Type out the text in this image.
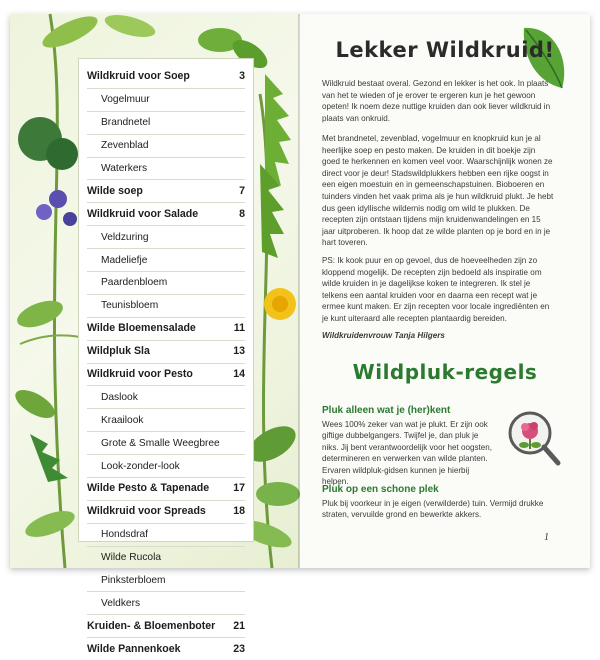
Wildkruid voor Soep	3
Vogelmuur
Brandnetel
Zevenblad
Waterkers
Wilde soep	7
Wildkruid voor Salade	8
Veldzuring
Madeliefje
Paardenbloem
Teunisbloem
Wilde Bloemensalade	11
Wildpluk Sla	13
Wildkruid voor Pesto	14
Daslook
Kraailook
Grote & Smalle Weegbree
Look-zonder-look
Wilde Pesto & Tapenade 17
Wildkruid voor Spreads	18
Hondsdraf
Wilde Rucola
Pinksterbloem
Veldkers
Kruiden- & Bloemenboter 21
Wilde Pannenkoek	23
Lekker Wildkruid!

Wildkruid bestaat overal. Gezond en lekker is het ook. In plaats van het te wieden of je erover te ergeren kun je het gewoon opeten! Ik noem deze nuttige kruiden dan ook liever wildkruid in plaats van onkruid.

Met brandnetel, zevenblad, vogelmuur en knopkruid kun je al heerlijke soep en pesto maken. De kruiden in dit boekje zijn goed te herkennen en komen veel voor. Waarschijnlijk wonen ze direct voor je deur! Stadswildplukkers hebben een rijke oogst in een eigen moestuin en in gemeenschapstuinen. Bioboeren en tuinders vinden het vaak prima als je hun wildkruid plukt. Je hebt dus geen idyllische wildernis nodig om wild te plukken. De recepten zijn ontstaan tijdens mijn kruidenwandelingen en 15 jaar uitproberen. Ik hoop dat ze wilde planten op je bord en in je hart toveren.

PS: Ik kook puur en op gevoel, dus de hoeveelheden zijn zo kloppend mogelijk. De recepten zijn bedoeld als inspiratie om wilde kruiden in je dagelijkse koken te integreren. Ik stel je telkens een aantal kruiden voor en daarna een recept wat je ermee kunt maken. Er zijn recepten voor locale ingrediënten en je kunt uiteraard alle recepten plantaardig bereiden.

Wildkruidenvrouw Tanja Hilgers
Wildpluk-regels

Pluk alleen wat je (her)kent

Wees 100% zeker van wat je plukt. Er zijn ook giftige dubbelgangers. Twijfel je, dan pluk je niks. Jij bent verantwoordelijk voor het oogsten, determineren en verwerken van wilde planten. Ervaren wildpluk-gidsen kunnen je hierbij helpen.

Pluk op een schone plek

Pluk bij voorkeur in je eigen (verwilderde) tuin. Vermijd drukke straten, vervuilde grond en bewerkte akkers.

1
